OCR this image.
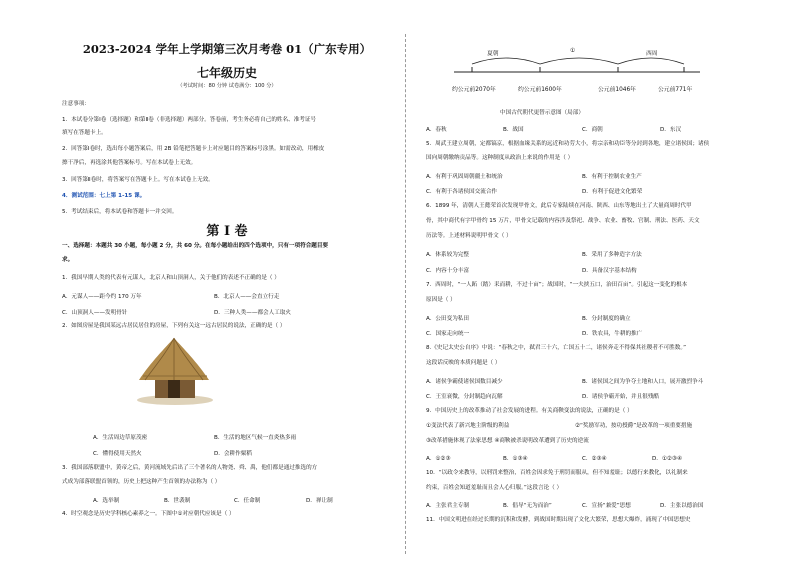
2023-2024 学年上学期第三次月考卷 01（广东专用）
七年级历史
（考试时间：80 分钟 试卷满分：100 分）
注意事项：
1．本试卷分第Ⅰ卷（选择题）和第Ⅱ卷（非选择题）两部分。答卷前，考生务必将自己的姓名、准考证号
填写在答题卡上。
2．回答第Ⅰ卷时，选出每小题答案后，用 2B 铅笔把答题卡上对应题目的答案标号涂黑。如需改动，用橡皮
擦干净后，再选涂其他答案标号。写在本试卷上无效。
3．回答第Ⅱ卷时，将答案写在答题卡上。写在本试卷上无效。
4．测试范围：七上第 1-15 课。
5．考试结束后，将本试卷和答题卡一并交回。
第 Ⅰ 卷
一、选择题：本题共 30 小题，每小题 2 分，共 60 分。在每小题给出的四个选项中，只有一项符合题目要
求。
1．我国早期人类的代表有元谋人，北京人和山顶洞人，关于他们的表述不正确的是（ ）
A．元谋人——距今约 170 万年	B．北京人——会直立行走
C．山顶洞人——发明骨针	D．三种人类——都会人工取火
2．如图房屋是我国某远古居民居住的房屋，下列有关这一远古居民的说法，正确的是（ ）
A．生活周边草原茂密	B．生活的地区气候一直炎热多雨
C．懂得使用天然火	D．会耕作粟稻
3．我国部落联盟中，黄帝之后，黄河流域先后出了三个著名的人物尧、舜、禹，他们都是通过推选的方
式成为部落联盟首领的，历史上把这种产生首领的办法称为（ ）
A．选举制	B．世袭制	C．任命制	D．禅让制
4．时空观念是历史学科核心素养之一。下图中①对应朝代应该是（ ）
夏朝	①	西周
约公元前2070年	约公元前1600年	公元前1046年	公元前771年
中国古代朝代更替示意图（局部）
A．春秋	B．战国	C．商朝	D．东汉
5．周武王建立周朝，定都镐京，根据血缘关系的远近和功劳大小，将宗亲和功臣等分封到各地，建立诸侯国；诸侯
国向周朝缴纳贡品等。这种制度从政治上来说的作用是（ ）
A．有利于巩固周朝疆土和统治	B．有利于控制农业生产
C．有利于各诸侯国交流合作	D．有利于促进文化繁荣
6．1899 年，清朝人王懿荣首次发现甲骨文，此后专家陆续在河南、陕西、山东等地出土了大量商周时代甲
骨，其中商代有字甲骨约 15 万片，甲骨文记载的内容涉及祭祀、战争、农业、畜牧、官制、刑法、医药、天文
历法等。上述材料说明甲骨文（ ）
A．体系较为完整	B．采用了多种造字方法
C．内容十分丰富	D．具备汉字基本结构
7．西周时，“一人跖（踏）耒而耕，不过十亩”；战国时，“一夫挟五口，治田百亩”。引起这一变化的根本
原因是（ ）
A．公田变为私田	B．分封制度的确立
C．国家走向统一	D．铁农具，牛耕的推广
8.《史记太史公自序》中说：“春秋之中，弑君三十六，亡国五十二，诸侯奔走不得保其社稷者不可胜数。”
这段话反映的本质问题是（ ）
A．诸侯争霸使诸侯国数目减少	B．诸侯国之间为争夺土地和人口，展开激烈争斗
C．王室衰微，分封制趋向瓦解	D．诸侯争霸开始，并且很残酷
9．中国历史上的改革推动了社会发展的进程。有关商鞅变法的说法，正确的是（ ）
①变法代表了新兴地主阶级的利益	②“奖励军功，按功授爵”是改革的一项重要措施
③改革措施体现了法家思想 ④商鞅被杀说明改革遭到了历史的逆流
A．①②③	B．①③④	C．②③④	D．①②③④
10．“以政令来教导，以刑罚来整治，百姓会因求免于刑罚而服从，但不知羞耻；以德行来教化，以礼制来
约束，百姓会知道羞耻而且会人心归服。”这段言论（ ）
A．主张君主专制	B．倡导“无为而治”	C．宣扬“兼爱”思想	D．主张以德治国
11．中国文明进在经过长期的沉积和发酵，到战国时期出现了文化大繁荣，思想大爆炸，涌现了中国思想史
